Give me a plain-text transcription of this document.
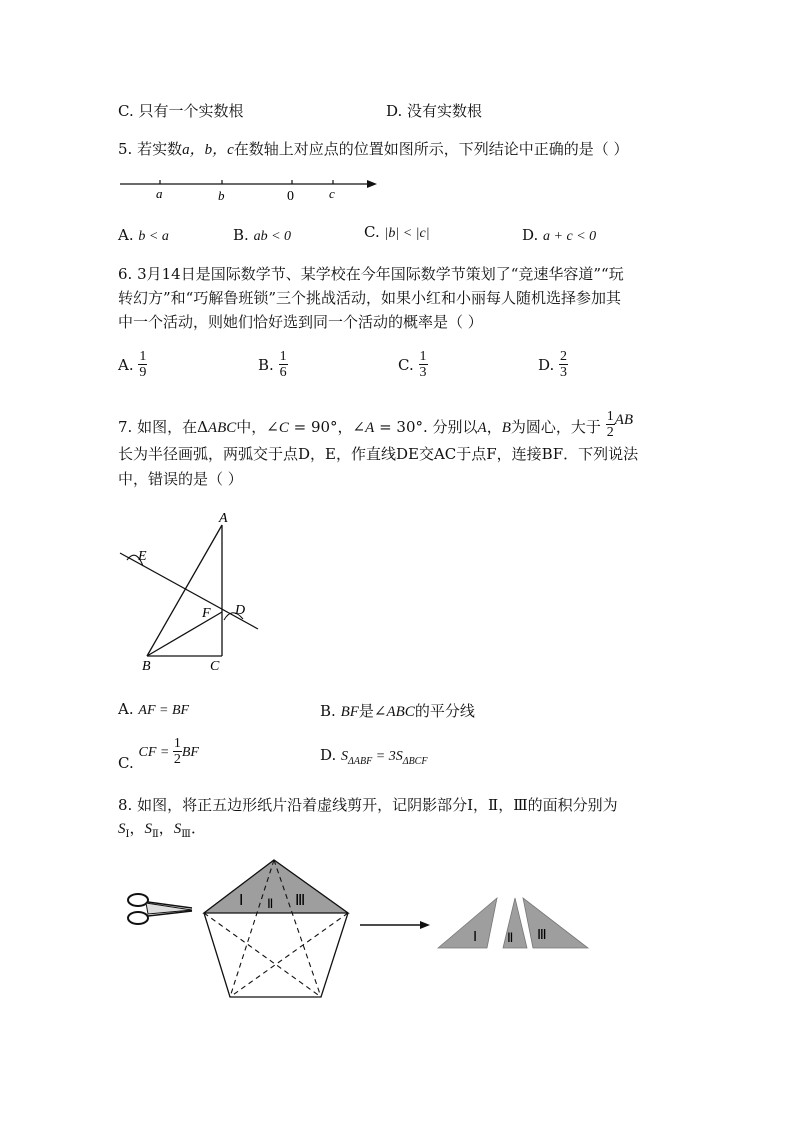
C. 只有一个实数根	D. 没有实数根
5. 若实数a，b，c在数轴上对应点的位置如图所示，下列结论中正确的是（ ）
a	b	0	c
A. b < a	B. ab < 0	C. |b| < |c|	D. a + c < 0
6. 3月14日是国际数学节、某学校在今年国际数学节策划了“竞速华容道”“玩
转幻方”和“巧解鲁班锁”三个挑战活动，如果小红和小丽每人随机选择参加其
中一个活动，则她们恰好选到同一个活动的概率是（ ）
A. $\frac{1}{9}$	B. $\frac{1}{6}$	C. $\frac{1}{3}$	D. $\frac{2}{3}$
7. 如图，在ΔABC中，∠C = 90°，∠A = 30°. 分别以A，B为圆心，大于 $\frac{1}{2}$ AB
长为半径画弧，两弧交于点D，E，作直线DE交AC于点F，连接BF．下列说法
中，错误的是（ ）
E
A
F D
B	C
A. AF = BF	B. BF是∠ABC的平分线
C. CF = $\frac{1}{2}$ BF	D. $S_{\Delta ABF} = 3S_{\Delta BCF}$
8. 如图，将正五边形纸片沿着虚线剪开，记阴影部分Ⅰ，Ⅱ，Ⅲ的面积分别为
$S_Ⅰ$，$S_Ⅱ$，$S_Ⅲ$．
Ⅰ Ⅱ Ⅲ
Ⅰ Ⅱ Ⅲ
